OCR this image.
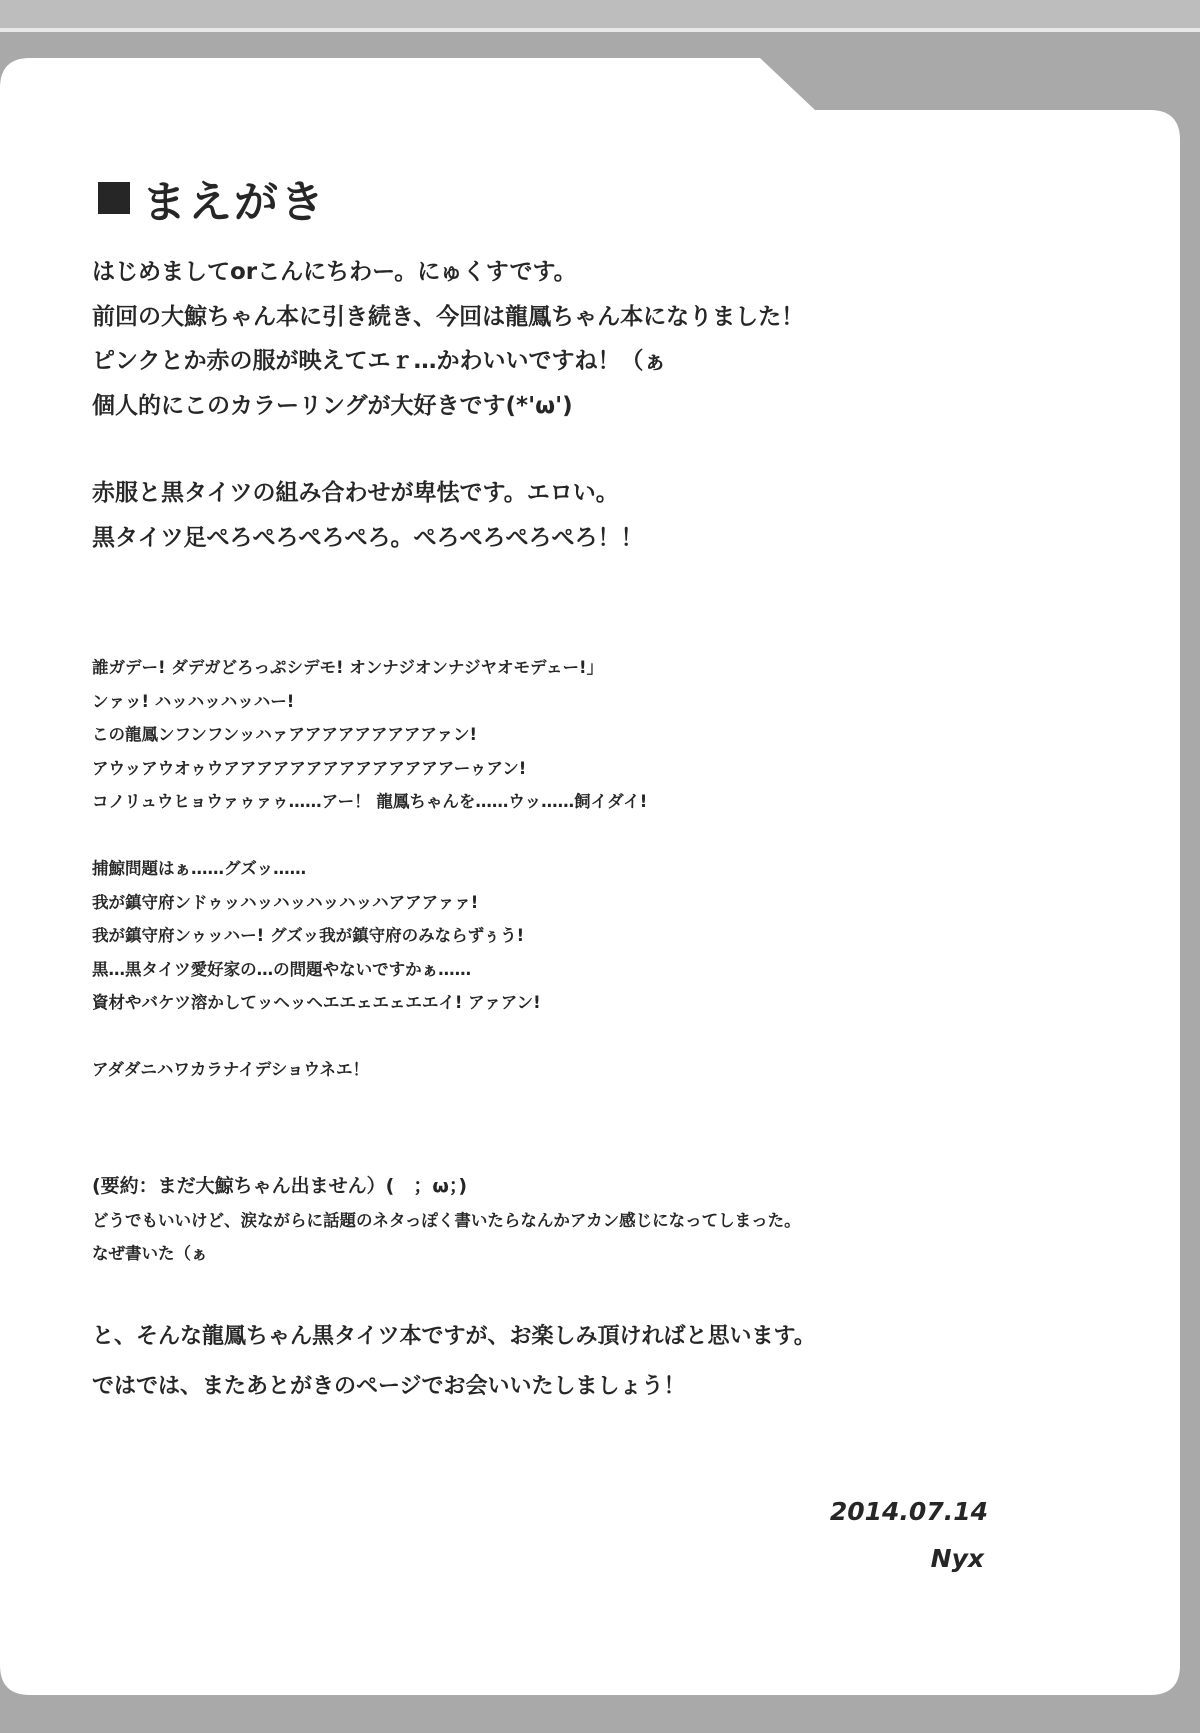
まえがき
はじめましてorこんにちわー。にゅくすです。
前回の大鯨ちゃん本に引き続き、今回は龍鳳ちゃん本になりました！
ピンクとか赤の服が映えてエｒ…かわいいですね！（ぁ
個人的にこのカラーリングが大好きです(*'ω')
赤服と黒タイツの組み合わせが卑怯です。エロい。
黒タイツ足ぺろぺろぺろぺろ。ぺろぺろぺろぺろ！！
誰ガデー! ダデガどろっぷシデモ! オンナジオンナジヤオモデェー!」
ンァッ! ハッハッハッハー!
この龍鳳ンフンフンッハァアアアアアアアアアァン!
アウッアウオゥウアアアアアアアアアアアアアアーゥアン!
コノリュウヒョウァゥァゥ……アー！ 龍鳳ちゃんを……ウッ……飼イダイ!
捕鯨問題はぁ……グズッ……
我が鎮守府ンドゥッハッハッハッハッハアアアァァ!
我が鎮守府ンゥッハー! グズッ我が鎮守府のみならずぅう!
黒…黒タイツ愛好家の…の問題やないですかぁ……
資材やバケツ溶かしてッヘッヘエエェエェエエイ! アァアン!
アダダニハワカラナイデショウネエ！
(要約：まだ大鯨ちゃん出ません）(　；ω；)
どうでもいいけど、涙ながらに話題のネタっぽく書いたらなんかアカン感じになってしまった。
なぜ書いた（ぁ
と、そんな龍鳳ちゃん黒タイツ本ですが、お楽しみ頂ければと思います。
ではでは、またあとがきのページでお会いいたしましょう！
2014.07.14
Nyx
